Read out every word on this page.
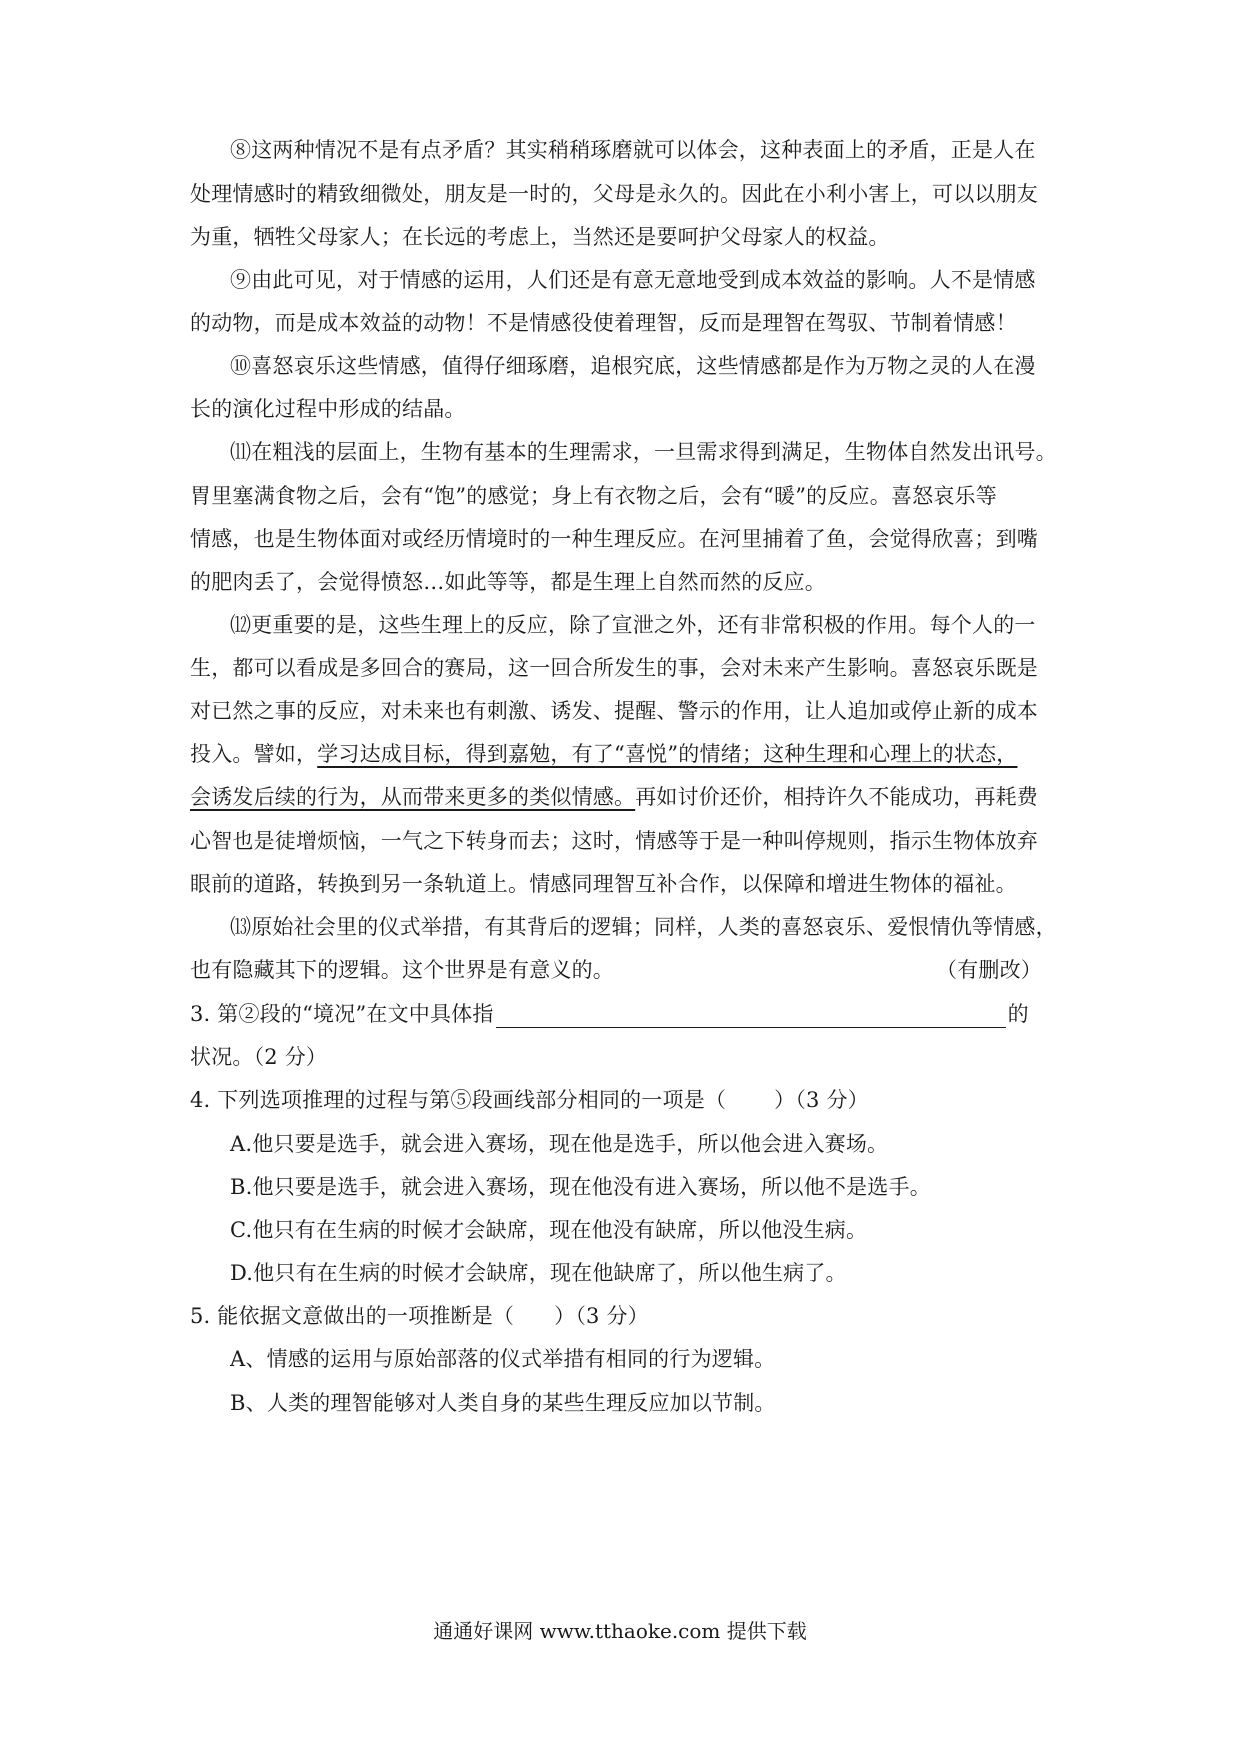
⑧这两种情况不是有点矛盾？其实稍稍琢磨就可以体会，这种表面上的矛盾，正是人在
处理情感时的精致细微处，朋友是一时的，父母是永久的。因此在小利小害上，可以以朋友
为重，牺牲父母家人；在长远的考虑上，当然还是要呵护父母家人的权益。
⑨由此可见，对于情感的运用，人们还是有意无意地受到成本效益的影响。人不是情感
的动物，而是成本效益的动物！不是情感役使着理智，反而是理智在驾驭、节制着情感！
⑩喜怒哀乐这些情感，值得仔细琢磨，追根究底，这些情感都是作为万物之灵的人在漫
长的演化过程中形成的结晶。
⑾在粗浅的层面上，生物有基本的生理需求，一旦需求得到满足，生物体自然发出讯号。
胃里塞满食物之后，会有“饱”的感觉；身上有衣物之后，会有“暖”的反应。喜怒哀乐等
情感，也是生物体面对或经历情境时的一种生理反应。在河里捕着了鱼，会觉得欣喜；到嘴
的肥肉丢了，会觉得愤怒…如此等等，都是生理上自然而然的反应。
⑿更重要的是，这些生理上的反应，除了宣泄之外，还有非常积极的作用。每个人的一
生，都可以看成是多回合的赛局，这一回合所发生的事，会对未来产生影响。喜怒哀乐既是
对已然之事的反应，对未来也有刺激、诱发、提醒、警示的作用，让人追加或停止新的成本
投入。譬如，学习达成目标，得到嘉勉，有了“喜悦”的情绪；这种生理和心理上的状态，
会诱发后续的行为，从而带来更多的类似情感。再如讨价还价，相持许久不能成功，再耗费
心智也是徒增烦恼，一气之下转身而去；这时，情感等于是一种叫停规则，指示生物体放弃
眼前的道路，转换到另一条轨道上。情感同理智互补合作，以保障和增进生物体的福祉。
⒀原始社会里的仪式举措，有其背后的逻辑；同样，人类的喜怒哀乐、爱恨情仇等情感，
也有隐藏其下的逻辑。这个世界是有意义的。	（有删改）
3. 第②段的“境况”在文中具体指	的
状况。（2 分）
4. 下列选项推理的过程与第⑤段画线部分相同的一项是（ ）（3 分）
A.他只要是选手，就会进入赛场，现在他是选手，所以他会进入赛场。
B.他只要是选手，就会进入赛场，现在他没有进入赛场，所以他不是选手。
C.他只有在生病的时候才会缺席，现在他没有缺席，所以他没生病。
D.他只有在生病的时候才会缺席，现在他缺席了，所以他生病了。
5. 能依据文意做出的一项推断是（ ）（3 分）
A、情感的运用与原始部落的仪式举措有相同的行为逻辑。
B、人类的理智能够对人类自身的某些生理反应加以节制。
通通好课网 www.tthaoke.com 提供下载
